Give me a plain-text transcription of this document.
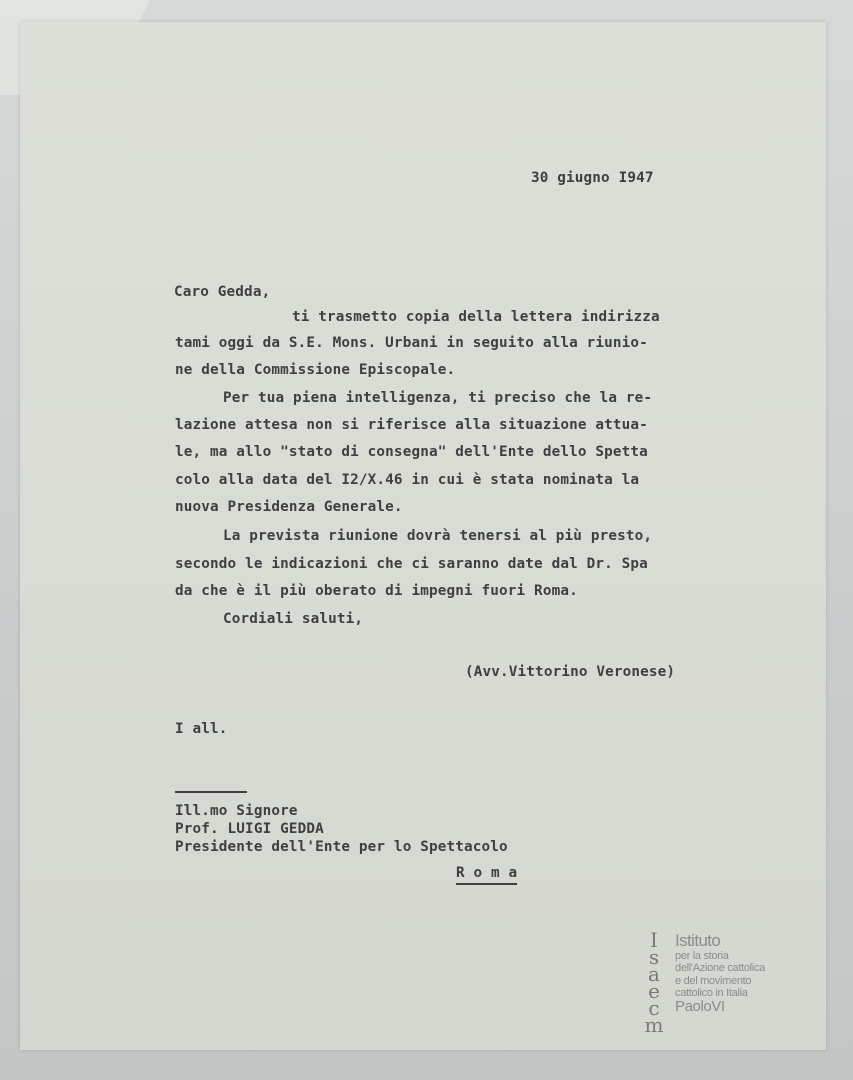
30 giugno I947
Caro Gedda,
ti trasmetto copia della lettera indirizza
tami oggi da S.E. Mons. Urbani in seguito alla riunio-
ne della Commissione Episcopale.
Per tua piena intelligenza, ti preciso che la re-
lazione attesa non si riferisce alla situazione attua-
le, ma allo "stato di consegna" dell'Ente dello Spetta
colo alla data del I2/X.46 in cui è stata nominata la
nuova Presidenza Generale.
La prevista riunione dovrà tenersi al più presto,
secondo le indicazioni che ci saranno date dal Dr. Spa
da che è il più oberato di impegni fuori Roma.
Cordiali saluti,
(Avv.Vittorino Veronese)
I all.
Ill.mo Signore
Prof. LUIGI GEDDA
Presidente dell'Ente per lo Spettacolo
R o m a
I
s
a
e
c
m
Istituto
per la storia
dell'Azione cattolica
e del movimento
cattolico in Italia
PaoloVI
